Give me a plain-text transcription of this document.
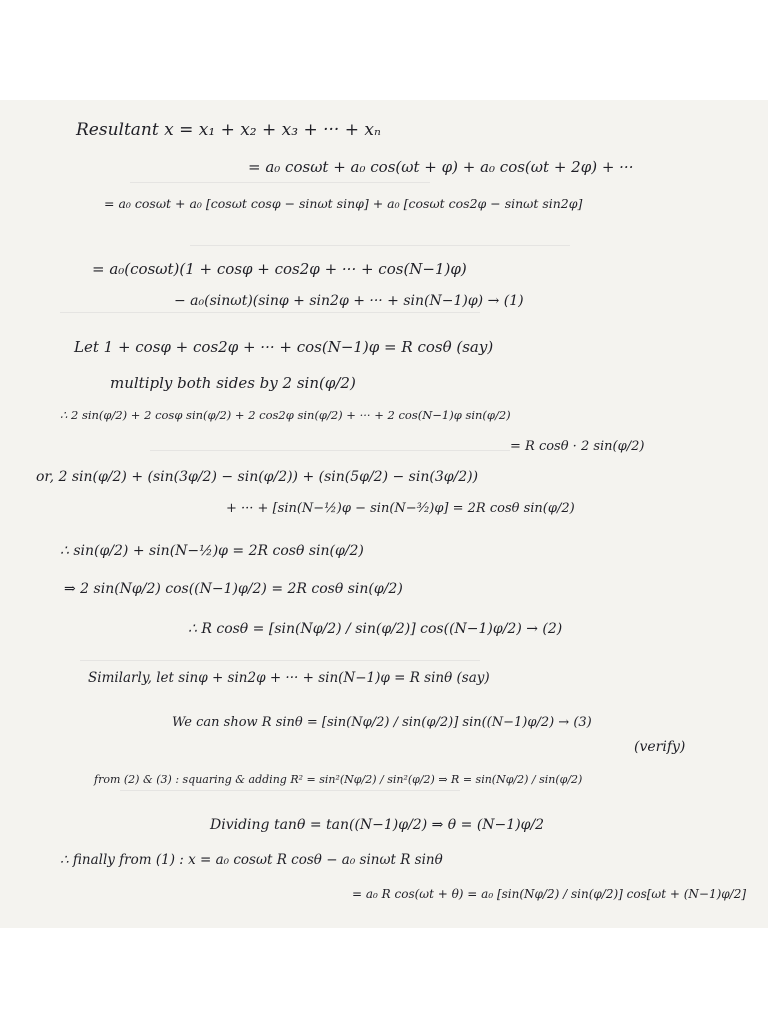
Resultant x = x₁ + x₂ + x₃ + ··· + xₙ
= a₀ cosωt + a₀ cos(ωt + φ) + a₀ cos(ωt + 2φ) + ···
= a₀ cosωt + a₀ [cosωt cosφ − sinωt sinφ] + a₀ [cosωt cos2φ − sinωt sin2φ]
= a₀(cosωt)(1 + cosφ + cos2φ + ··· + cos(N−1)φ)
− a₀(sinωt)(sinφ + sin2φ + ··· + sin(N−1)φ) → (1)
Let 1 + cosφ + cos2φ + ··· + cos(N−1)φ = R cosθ (say)
multiply both sides by 2 sin(φ/2)
∴ 2 sin(φ/2) + 2 cosφ sin(φ/2) + 2 cos2φ sin(φ/2) + ··· + 2 cos(N−1)φ sin(φ/2)
= R cosθ · 2 sin(φ/2)
or, 2 sin(φ/2) + (sin(3φ/2) − sin(φ/2)) + (sin(5φ/2) − sin(3φ/2))
+ ··· + [sin(N−½)φ − sin(N−³⁄₂)φ] = 2R cosθ sin(φ/2)
∴ sin(φ/2) + sin(N−½)φ = 2R cosθ sin(φ/2)
⇒ 2 sin(Nφ/2) cos((N−1)φ/2) = 2R cosθ sin(φ/2)
∴ R cosθ = [sin(Nφ/2) / sin(φ/2)] cos((N−1)φ/2) → (2)
Similarly, let sinφ + sin2φ + ··· + sin(N−1)φ = R sinθ (say)
We can show R sinθ = [sin(Nφ/2) / sin(φ/2)] sin((N−1)φ/2) → (3)
(verify)
from (2) & (3) : squaring & adding R² = sin²(Nφ/2) / sin²(φ/2) ⇒ R = sin(Nφ/2) / sin(φ/2)
Dividing tanθ = tan((N−1)φ/2) ⇒ θ = (N−1)φ/2
∴ finally from (1) : x = a₀ cosωt R cosθ − a₀ sinωt R sinθ
= a₀ R cos(ωt + θ) = a₀ [sin(Nφ/2) / sin(φ/2)] cos[ωt + (N−1)φ/2]
